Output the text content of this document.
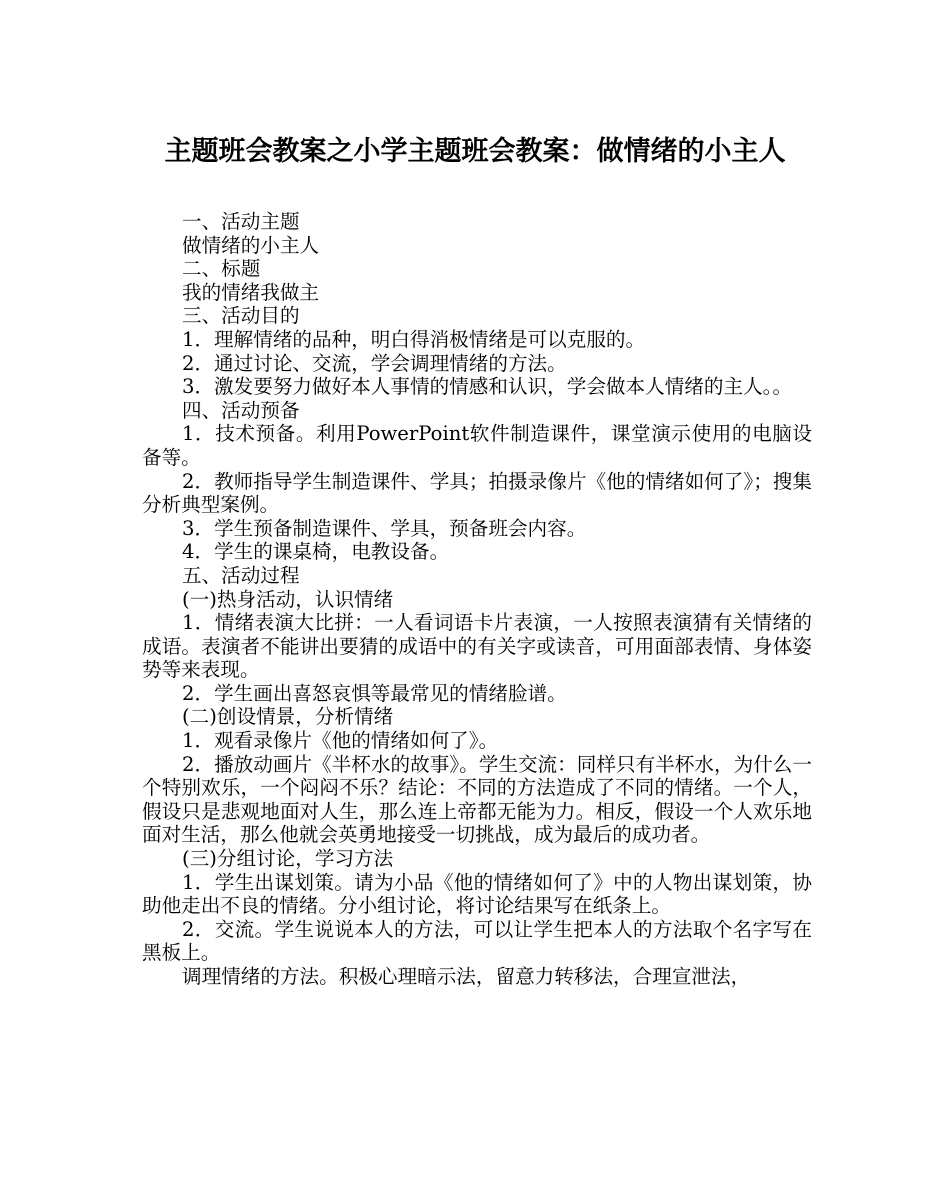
主题班会教案之小学主题班会教案：做情绪的小主人

一、活动主题

做情绪的小主人

二、标题

我的情绪我做主

三、活动目的

1．理解情绪的品种，明白得消极情绪是可以克服的。

2．通过讨论、交流，学会调理情绪的方法。

3．激发要努力做好本人事情的情感和认识，学会做本人情绪的主人。。

四、活动预备

1．技术预备。利用PowerPoint软件制造课件，课堂演示使用的电脑设备等。

2．教师指导学生制造课件、学具；拍摄录像片《他的情绪如何了》；搜集分析典型案例。

3．学生预备制造课件、学具，预备班会内容。

4．学生的课桌椅，电教设备。

五、活动过程

(一)热身活动，认识情绪

1．情绪表演大比拼：一人看词语卡片表演，一人按照表演猜有关情绪的成语。表演者不能讲出要猜的成语中的有关字或读音，可用面部表情、身体姿势等来表现。

2．学生画出喜怒哀惧等最常见的情绪脸谱。

(二)创设情景，分析情绪

1．观看录像片《他的情绪如何了》。

2．播放动画片《半杯水的故事》。学生交流：同样只有半杯水，为什么一个特别欢乐，一个闷闷不乐？结论：不同的方法造成了不同的情绪。一个人，假设只是悲观地面对人生，那么连上帝都无能为力。相反，假设一个人欢乐地面对生活，那么他就会英勇地接受一切挑战，成为最后的成功者。

(三)分组讨论，学习方法

1．学生出谋划策。请为小品《他的情绪如何了》中的人物出谋划策，协助他走出不良的情绪。分小组讨论，将讨论结果写在纸条上。

2．交流。学生说说本人的方法，可以让学生把本人的方法取个名字写在黑板上。

调理情绪的方法。积极心理暗示法，留意力转移法，合理宣泄法，
